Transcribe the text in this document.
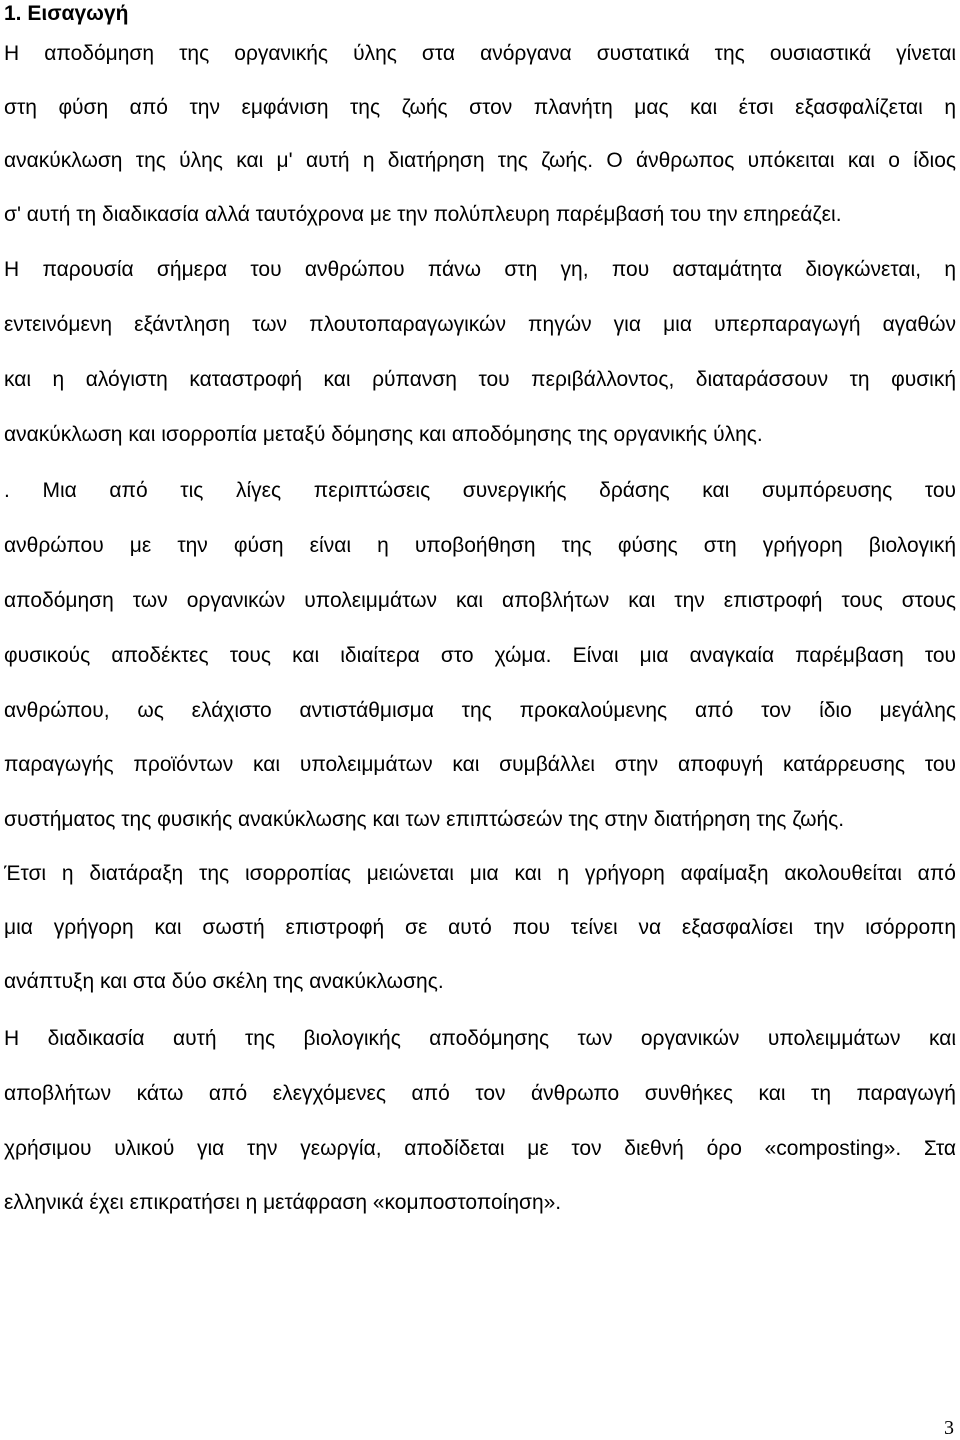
1. Εισαγωγή
Η αποδόμηση της οργανικής ύλης στα ανόργανα συστατικά της ουσιαστικά γίνεται
στη φύση από την εμφάνιση της ζωής στον πλανήτη μας και έτσι εξασφαλίζεται η
ανακύκλωση της ύλης και μ' αυτή η διατήρηση της ζωής. Ο άνθρωπος υπόκειται και ο ίδιος
σ' αυτή τη διαδικασία αλλά ταυτόχρονα με την πολύπλευρη παρέμβασή του την επηρεάζει.
Η παρουσία σήμερα του ανθρώπου πάνω στη γη, που ασταμάτητα διογκώνεται, η
εντεινόμενη εξάντληση των πλουτοπαραγωγικών πηγών για μια υπερπαραγωγή αγαθών
και η αλόγιστη καταστροφή και ρύπανση του περιβάλλοντος, διαταράσσουν τη φυσική
ανακύκλωση και ισορροπία μεταξύ δόμησης και αποδόμησης της οργανικής ύλης.
. Μια από τις λίγες περιπτώσεις συνεργικής δράσης και συμπόρευσης του
ανθρώπου με την φύση είναι η υποβοήθηση της φύσης στη γρήγορη βιολογική
αποδόμηση των οργανικών υπολειμμάτων και αποβλήτων και την επιστροφή τους στους
φυσικούς αποδέκτες τους και ιδιαίτερα στο χώμα. Είναι μια αναγκαία παρέμβαση του
ανθρώπου, ως ελάχιστο αντιστάθμισμα της προκαλούμενης από τον ίδιο μεγάλης
παραγωγής προϊόντων και υπολειμμάτων και συμβάλλει στην αποφυγή κατάρρευσης του
συστήματος της φυσικής ανακύκλωσης και των επιπτώσεών της στην διατήρηση της ζωής.
Έτσι η διατάραξη της ισορροπίας μειώνεται μια και η γρήγορη αφαίμαξη ακολουθείται από
μια γρήγορη και σωστή επιστροφή σε αυτό που τείνει να εξασφαλίσει την ισόρροπη
ανάπτυξη και στα δύο σκέλη της ανακύκλωσης.
Η διαδικασία αυτή της βιολογικής αποδόμησης των οργανικών υπολειμμάτων και
αποβλήτων κάτω από ελεγχόμενες από τον άνθρωπο συνθήκες και τη παραγωγή
χρήσιμου υλικού για την γεωργία, αποδίδεται με τον διεθνή όρο «composting». Στα
ελληνικά έχει επικρατήσει η μετάφραση «κομποστοποίηση».
3
